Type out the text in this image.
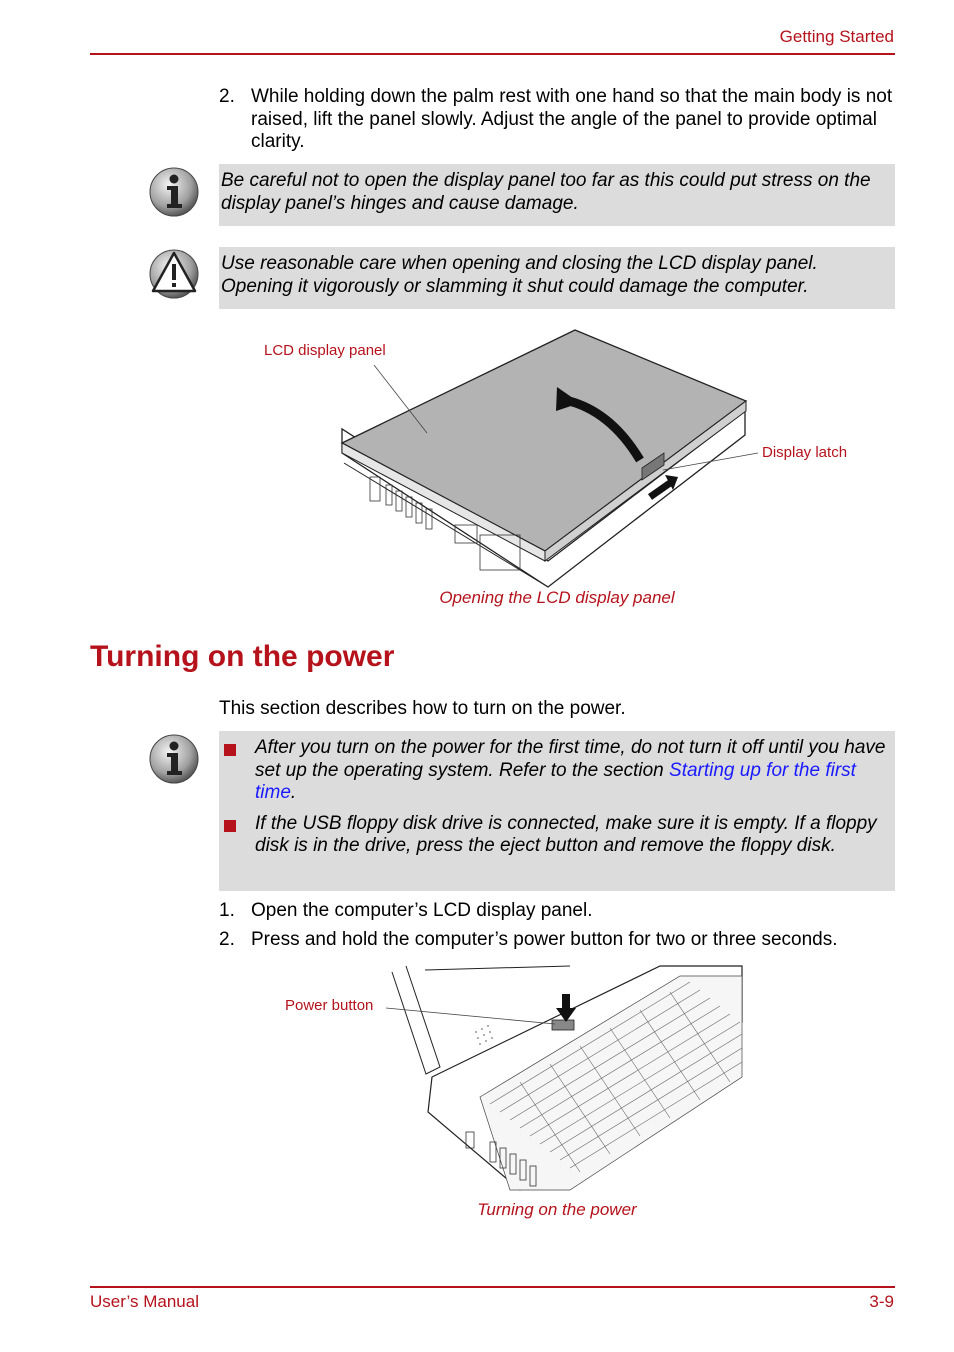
Getting Started
2. While holding down the palm rest with one hand so that the main body is not raised, lift the panel slowly. Adjust the angle of the panel to provide optimal clarity.
Be careful not to open the display panel too far as this could put stress on the display panel’s hinges and cause damage.
Use reasonable care when opening and closing the LCD display panel. Opening it vigorously or slamming it shut could damage the computer.
LCD display panel
Display latch
Opening the LCD display panel
Turning on the power
This section describes how to turn on the power.
After you turn on the power for the first time, do not turn it off until you have set up the operating system. Refer to the section Starting up for the first time.
If the USB floppy disk drive is connected, make sure it is empty. If a floppy disk is in the drive, press the eject button and remove the floppy disk.
1. Open the computer’s LCD display panel.
2. Press and hold the computer’s power button for two or three seconds.
Power button
Turning on the power
User’s Manual	3-9
